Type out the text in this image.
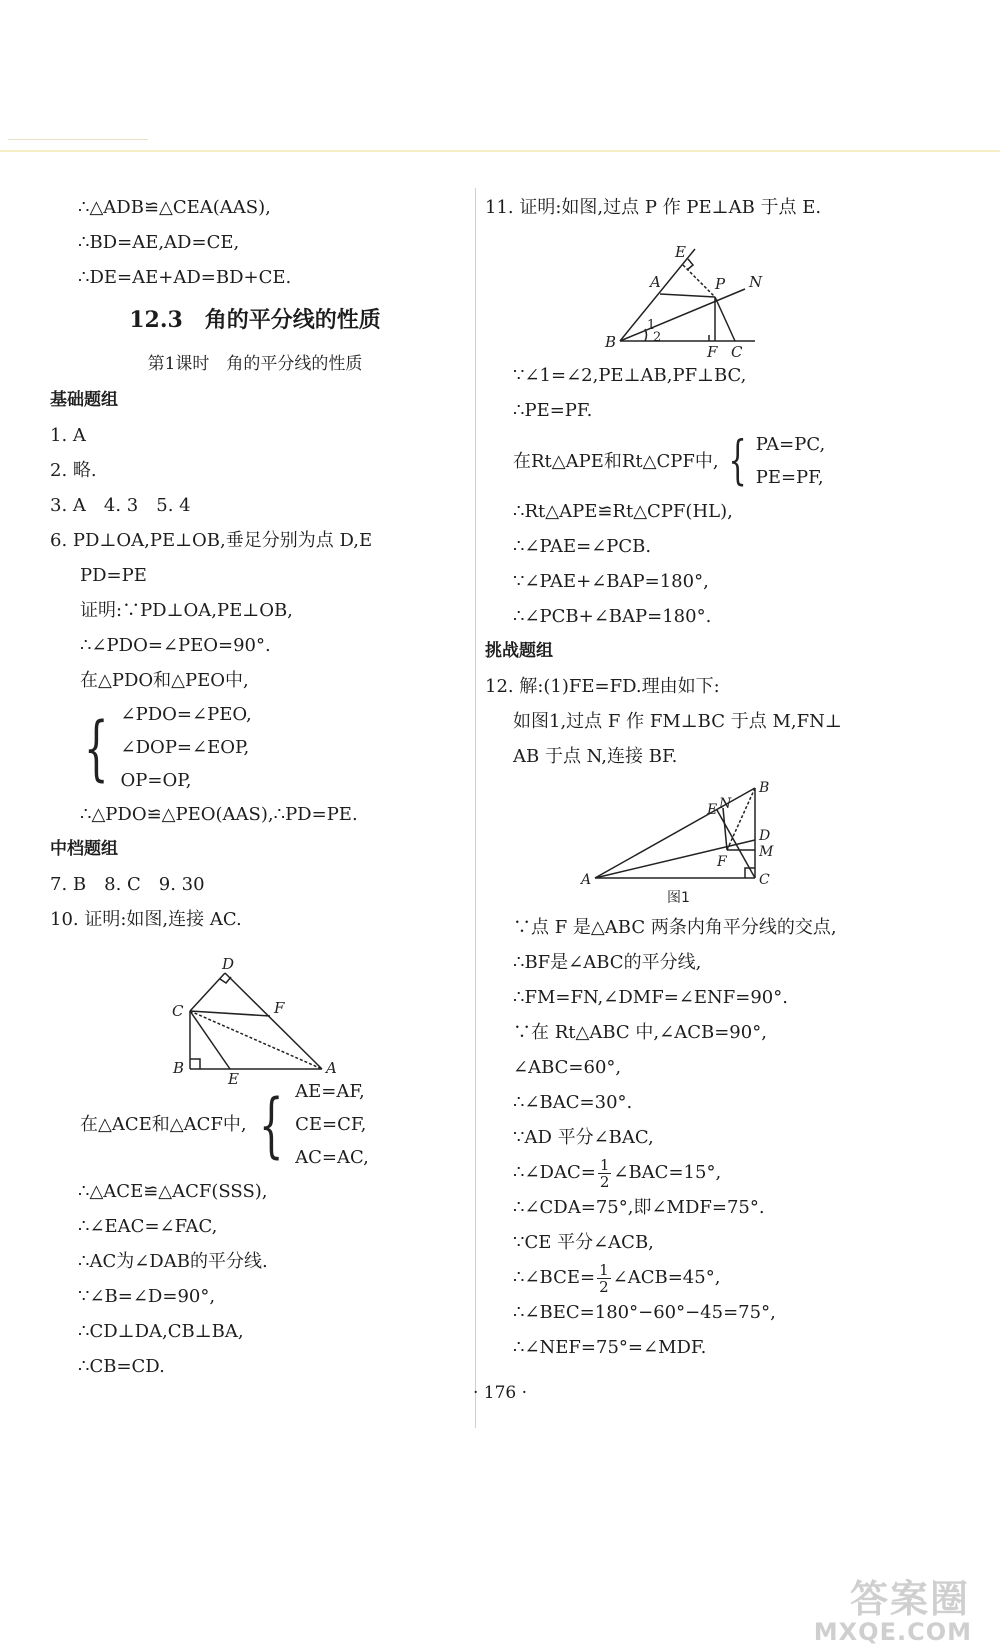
∴△ADB≌△CEA(AAS),
∴BD=AE,AD=CE,
∴DE=AE+AD=BD+CE.
12.3　角的平分线的性质
第1课时　角的平分线的性质
基础题组
1. A
2. 略.
3. A　4. 3　5. 4
6. PD⊥OA,PE⊥OB,垂足分别为点 D,E
PD=PE
证明:∵PD⊥OA,PE⊥OB,
∴∠PDO=∠PEO=90°.
在△PDO和△PEO中,
{ ∠PDO=∠PEO,
∠DOP=∠EOP,
OP=OP,
∴△PDO≌△PEO(AAS),∴PD=PE.
中档题组
7. B　8. C　9. 30
10. 证明:如图,连接 AC.
D
C	F
B
E
A
在△ACE和△ACF中, { AE=AF,
CE=CF,
AC=AC,
∴△ACE≌△ACF(SSS),
∴∠EAC=∠FAC,
∴AC为∠DAB的平分线.
∵∠B=∠D=90°,
∴CD⊥DA,CB⊥BA,
∴CB=CD.
11. 证明:如图,过点 P 作 PE⊥AB 于点 E.
E
A	P N
B
1
2
F C
∵∠1=∠2,PE⊥AB,PF⊥BC,
∴PE=PF.
在Rt△APE和Rt△CPF中, { PA=PC,
PE=PF,
∴Rt△APE≌Rt△CPF(HL),
∴∠PAE=∠PCB.
∵∠PAE+∠BAP=180°,
∴∠PCB+∠BAP=180°.
挑战题组
12. 解:(1)FE=FD.理由如下:
如图1,过点 F 作 FM⊥BC 于点 M,FN⊥
AB 于点 N,连接 BF.
B
E N
D
M
F
A	C
图1
∵点 F 是△ABC 两条内角平分线的交点,
∴BF是∠ABC的平分线,
∴FM=FN,∠DMF=∠ENF=90°.
∵在 Rt△ABC 中,∠ACB=90°,
∠ABC=60°,
∴∠BAC=30°.
∵AD 平分∠BAC,
∴∠DAC= $\frac{1}{2}$ ∠BAC=15°,
∴∠CDA=75°,即∠MDF=75°.
∵CE 平分∠ACB,
∴∠BCE= $\frac{1}{2}$ ∠ACB=45°,
∴∠BEC=180°−60°−45=75°,
∴∠NEF=75°=∠MDF.
· 176 ·
答案圈
MXQE.COM
